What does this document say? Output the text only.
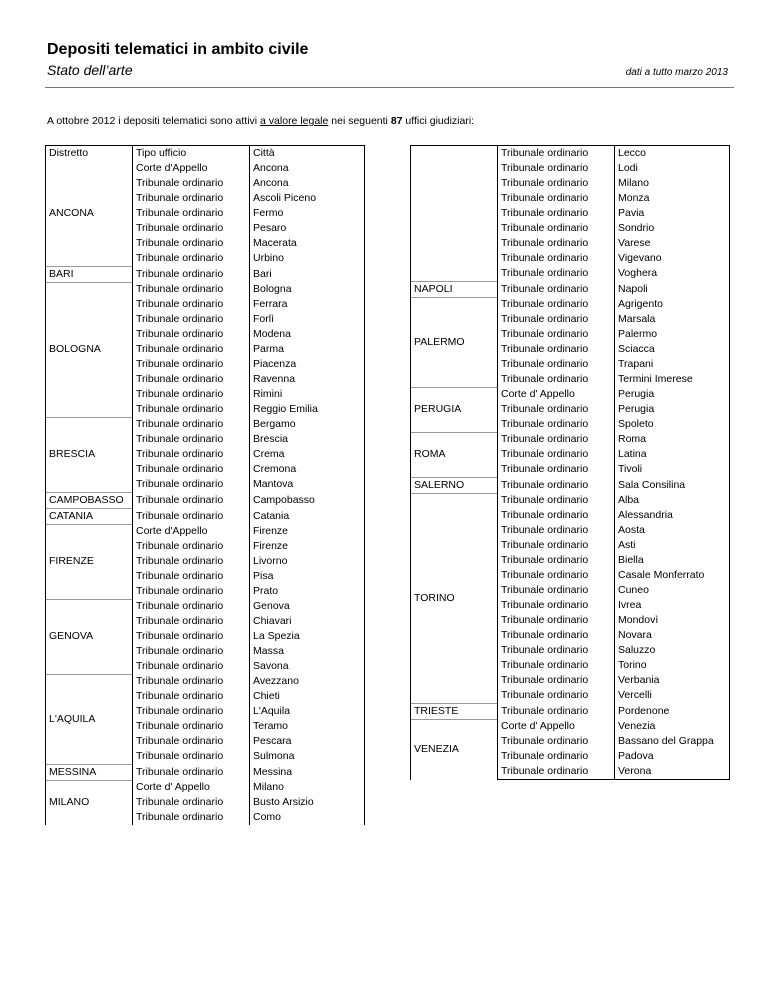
Depositi telematici in ambito civile
Stato dell’arte	dati a tutto marzo 2013
A ottobre 2012 i depositi telematici sono attivi a valore legale nei seguenti 87 uffici giudiziari:
Distretto	Tipo ufficio	Città
ANCONA	Corte d'Appello	Ancona
	Tribunale ordinario	Ancona
	Tribunale ordinario	Ascoli Piceno
	Tribunale ordinario	Fermo
	Tribunale ordinario	Pesaro
	Tribunale ordinario	Macerata
	Tribunale ordinario	Urbino
BARI	Tribunale ordinario	Bari
BOLOGNA	Tribunale ordinario	Bologna
	Tribunale ordinario	Ferrara
	Tribunale ordinario	Forlì
	Tribunale ordinario	Modena
	Tribunale ordinario	Parma
	Tribunale ordinario	Piacenza
	Tribunale ordinario	Ravenna
	Tribunale ordinario	Rimini
	Tribunale ordinario	Reggio Emilia
BRESCIA	Tribunale ordinario	Bergamo
	Tribunale ordinario	Brescia
	Tribunale ordinario	Crema
	Tribunale ordinario	Cremona
	Tribunale ordinario	Mantova
CAMPOBASSO	Tribunale ordinario	Campobasso
CATANIA	Tribunale ordinario	Catania
FIRENZE	Corte d'Appello	Firenze
	Tribunale ordinario	Firenze
	Tribunale ordinario	Livorno
	Tribunale ordinario	Pisa
	Tribunale ordinario	Prato
GENOVA	Tribunale ordinario	Genova
	Tribunale ordinario	Chiavari
	Tribunale ordinario	La Spezia
	Tribunale ordinario	Massa
	Tribunale ordinario	Savona
L'AQUILA	Tribunale ordinario	Avezzano
	Tribunale ordinario	Chieti
	Tribunale ordinario	L'Aquila
	Tribunale ordinario	Teramo
	Tribunale ordinario	Pescara
	Tribunale ordinario	Sulmona
MESSINA	Tribunale ordinario	Messina
MILANO	Corte d' Appello	Milano
	Tribunale ordinario	Busto Arsizio
	Tribunale ordinario	Como
	Tribunale ordinario	Lecco
	Tribunale ordinario	Lodi
	Tribunale ordinario	Milano
	Tribunale ordinario	Monza
	Tribunale ordinario	Pavia
	Tribunale ordinario	Sondrio
	Tribunale ordinario	Varese
	Tribunale ordinario	Vigevano
	Tribunale ordinario	Voghera
NAPOLI	Tribunale ordinario	Napoli
PALERMO	Tribunale ordinario	Agrigento
	Tribunale ordinario	Marsala
	Tribunale ordinario	Palermo
	Tribunale ordinario	Sciacca
	Tribunale ordinario	Trapani
	Tribunale ordinario	Termini Imerese
PERUGIA	Corte d' Appello	Perugia
	Tribunale ordinario	Perugia
	Tribunale ordinario	Spoleto
ROMA	Tribunale ordinario	Roma
	Tribunale ordinario	Latina
	Tribunale ordinario	Tivoli
SALERNO	Tribunale ordinario	Sala Consilina
TORINO	Tribunale ordinario	Alba
	Tribunale ordinario	Alessandria
	Tribunale ordinario	Aosta
	Tribunale ordinario	Asti
	Tribunale ordinario	Biella
	Tribunale ordinario	Casale Monferrato
	Tribunale ordinario	Cuneo
	Tribunale ordinario	Ivrea
	Tribunale ordinario	Mondovì
	Tribunale ordinario	Novara
	Tribunale ordinario	Saluzzo
	Tribunale ordinario	Torino
	Tribunale ordinario	Verbania
	Tribunale ordinario	Vercelli
TRIESTE	Tribunale ordinario	Pordenone
VENEZIA	Corte d' Appello	Venezia
	Tribunale ordinario	Bassano del Grappa
	Tribunale ordinario	Padova
	Tribunale ordinario	Verona
